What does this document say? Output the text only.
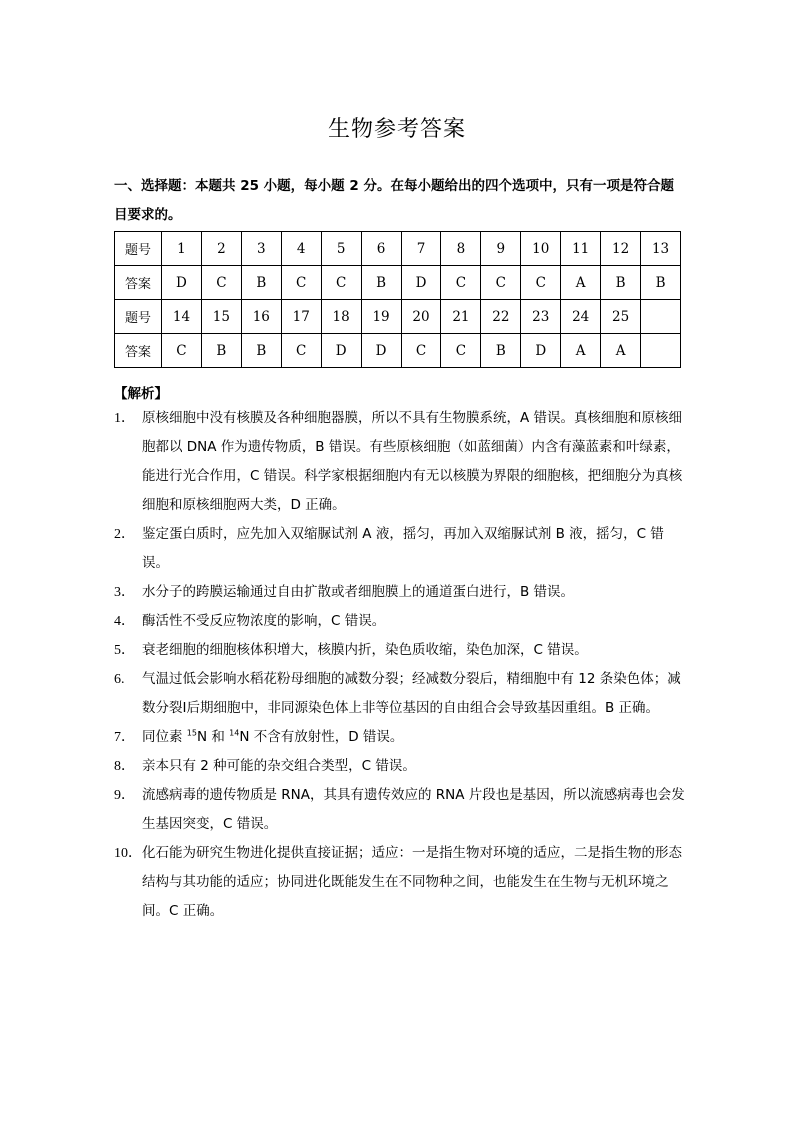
生物参考答案
一、选择题：本题共 25 小题，每小题 2 分。在每小题给出的四个选项中，只有一项是符合题目要求的。
题号	1	2	3	4	5	6	7	8	9	10	11	12	13
答案	D	C	B	C	C	B	D	C	C	C	A	B	B
题号	14	15	16	17	18	19	20	21	22	23	24	25	
答案	C	B	B	C	D	D	C	C	B	D	A	A	
【解析】
1． 原核细胞中没有核膜及各种细胞器膜，所以不具有生物膜系统，A 错误。真核细胞和原核细胞都以 DNA 作为遗传物质，B 错误。有些原核细胞（如蓝细菌）内含有藻蓝素和叶绿素，能进行光合作用，C 错误。科学家根据细胞内有无以核膜为界限的细胞核，把细胞分为真核细胞和原核细胞两大类，D 正确。
2． 鉴定蛋白质时，应先加入双缩脲试剂 A 液，摇匀，再加入双缩脲试剂 B 液，摇匀，C 错误。
3． 水分子的跨膜运输通过自由扩散或者细胞膜上的通道蛋白进行，B 错误。
4． 酶活性不受反应物浓度的影响，C 错误。
5． 衰老细胞的细胞核体积增大，核膜内折，染色质收缩，染色加深，C 错误。
6. 气温过低会影响水稻花粉母细胞的减数分裂；经减数分裂后，精细胞中有 12 条染色体；减数分裂Ⅰ后期细胞中，非同源染色体上非等位基因的自由组合会导致基因重组。B 正确。
7． 同位素 $^{15}$N 和 $^{14}$N 不含有放射性，D 错误。
8． 亲本只有 2 种可能的杂交组合类型，C 错误。
9． 流感病毒的遗传物质是 RNA，其具有遗传效应的 RNA 片段也是基因，所以流感病毒也会发生基因突变，C 错误。
10． 化石能为研究生物进化提供直接证据；适应：一是指生物对环境的适应，二是指生物的形态结构与其功能的适应；协同进化既能发生在不同物种之间，也能发生在生物与无机环境之间。C 正确。
